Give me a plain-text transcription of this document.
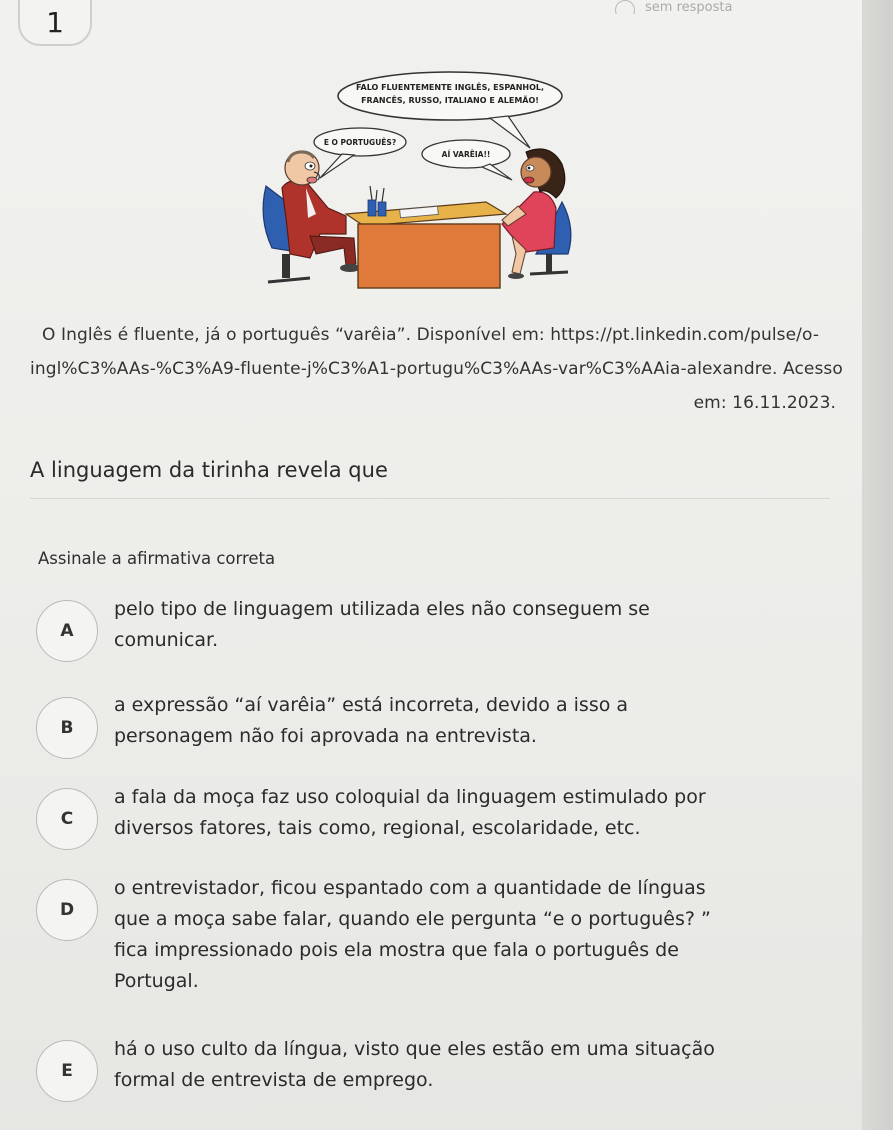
1	sem resposta
FALO FLUENTEMENTE INGLÊS, ESPANHOL,
FRANCÊS, RUSSO, ITALIANO E ALEMÃO!
E O PORTUGUÊS?
AÍ VARÊIA!!
O Inglês é fluente, já o português “varêia”. Disponível em: https://pt.linkedin.com/pulse/o-
ingl%C3%AAs-%C3%A9-fluente-j%C3%A1-portugu%C3%AAs-var%C3%AAia-alexandre. Acesso
em: 16.11.2023.
A linguagem da tirinha revela que
Assinale a afirmativa correta
A
pelo tipo de linguagem utilizada eles não conseguem se
comunicar.
B
a expressão “aí varêia” está incorreta, devido a isso a
personagem não foi aprovada na entrevista.
C
a fala da moça faz uso coloquial da linguagem estimulado por
diversos fatores, tais como, regional, escolaridade, etc.
D
o entrevistador, ficou espantado com a quantidade de línguas
que a moça sabe falar, quando ele pergunta “e o português? ”
fica impressionado pois ela mostra que fala o português de
Portugal.
E
há o uso culto da língua, visto que eles estão em uma situação
formal de entrevista de emprego.
